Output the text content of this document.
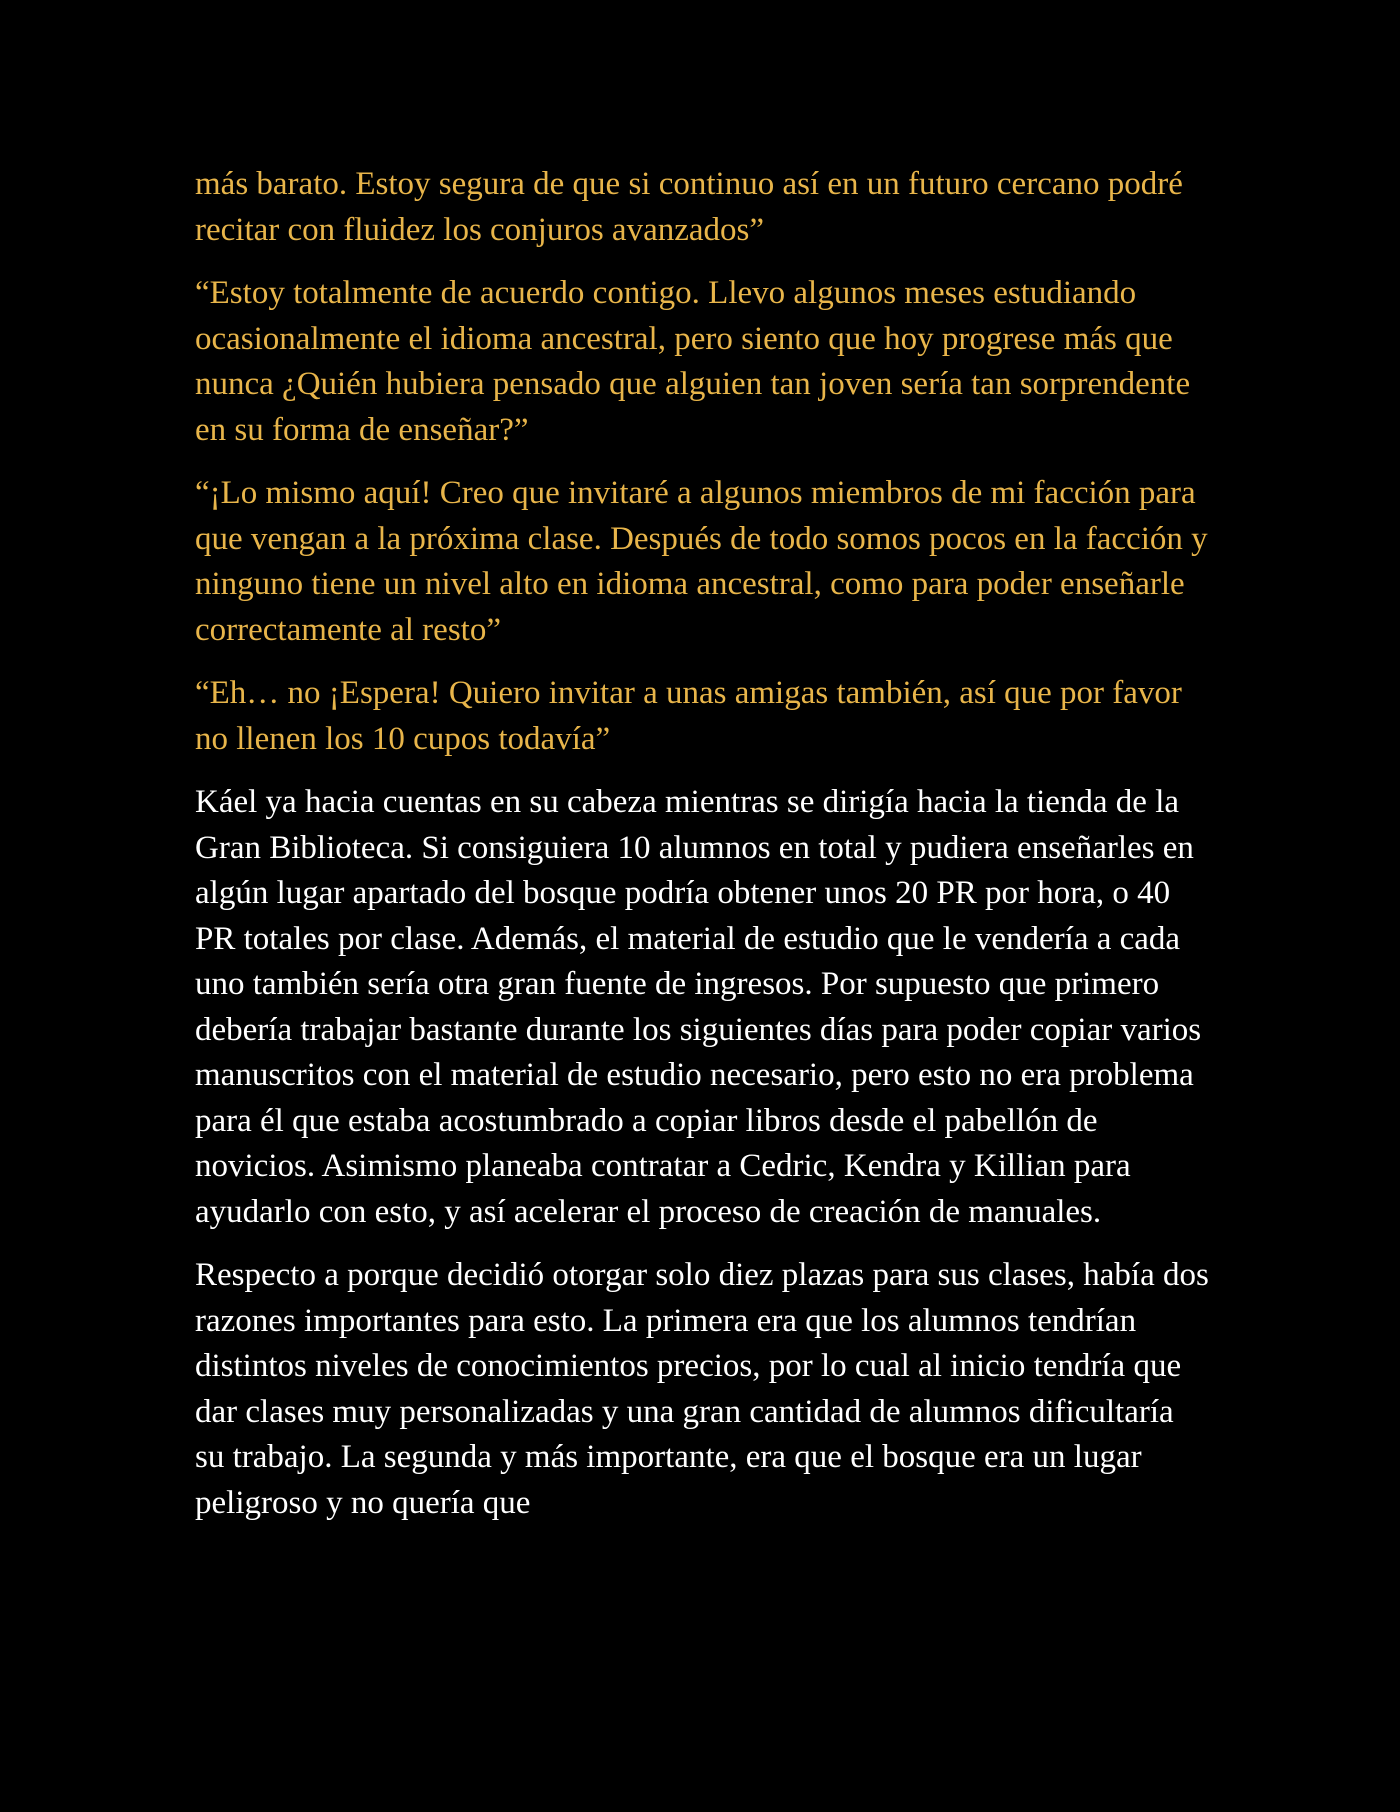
más barato. Estoy segura de que si continuo así en un futuro cercano podré recitar con fluidez los conjuros avanzados”

“Estoy totalmente de acuerdo contigo. Llevo algunos meses estudiando ocasionalmente el idioma ancestral, pero siento que hoy progrese más que nunca ¿Quién hubiera pensado que alguien tan joven sería tan sorprendente en su forma de enseñar?”

“¡Lo mismo aquí! Creo que invitaré a algunos miembros de mi facción para que vengan a la próxima clase. Después de todo somos pocos en la facción y ninguno tiene un nivel alto en idioma ancestral, como para poder enseñarle correctamente al resto”

“Eh… no ¡Espera! Quiero invitar a unas amigas también, así que por favor no llenen los 10 cupos todavía”

Káel ya hacia cuentas en su cabeza mientras se dirigía hacia la tienda de la Gran Biblioteca. Si consiguiera 10 alumnos en total y pudiera enseñarles en algún lugar apartado del bosque podría obtener unos 20 PR por hora, o 40 PR totales por clase. Además, el material de estudio que le vendería a cada uno también sería otra gran fuente de ingresos. Por supuesto que primero debería trabajar bastante durante los siguientes días para poder copiar varios manuscritos con el material de estudio necesario, pero esto no era problema para él que estaba acostumbrado a copiar libros desde el pabellón de novicios. Asimismo planeaba contratar a Cedric, Kendra y Killian para ayudarlo con esto, y así acelerar el proceso de creación de manuales.

Respecto a porque decidió otorgar solo diez plazas para sus clases, había dos razones importantes para esto. La primera era que los alumnos tendrían distintos niveles de conocimientos precios, por lo cual al inicio tendría que dar clases muy personalizadas y una gran cantidad de alumnos dificultaría su trabajo. La segunda y más importante, era que el bosque era un lugar peligroso y no quería que
